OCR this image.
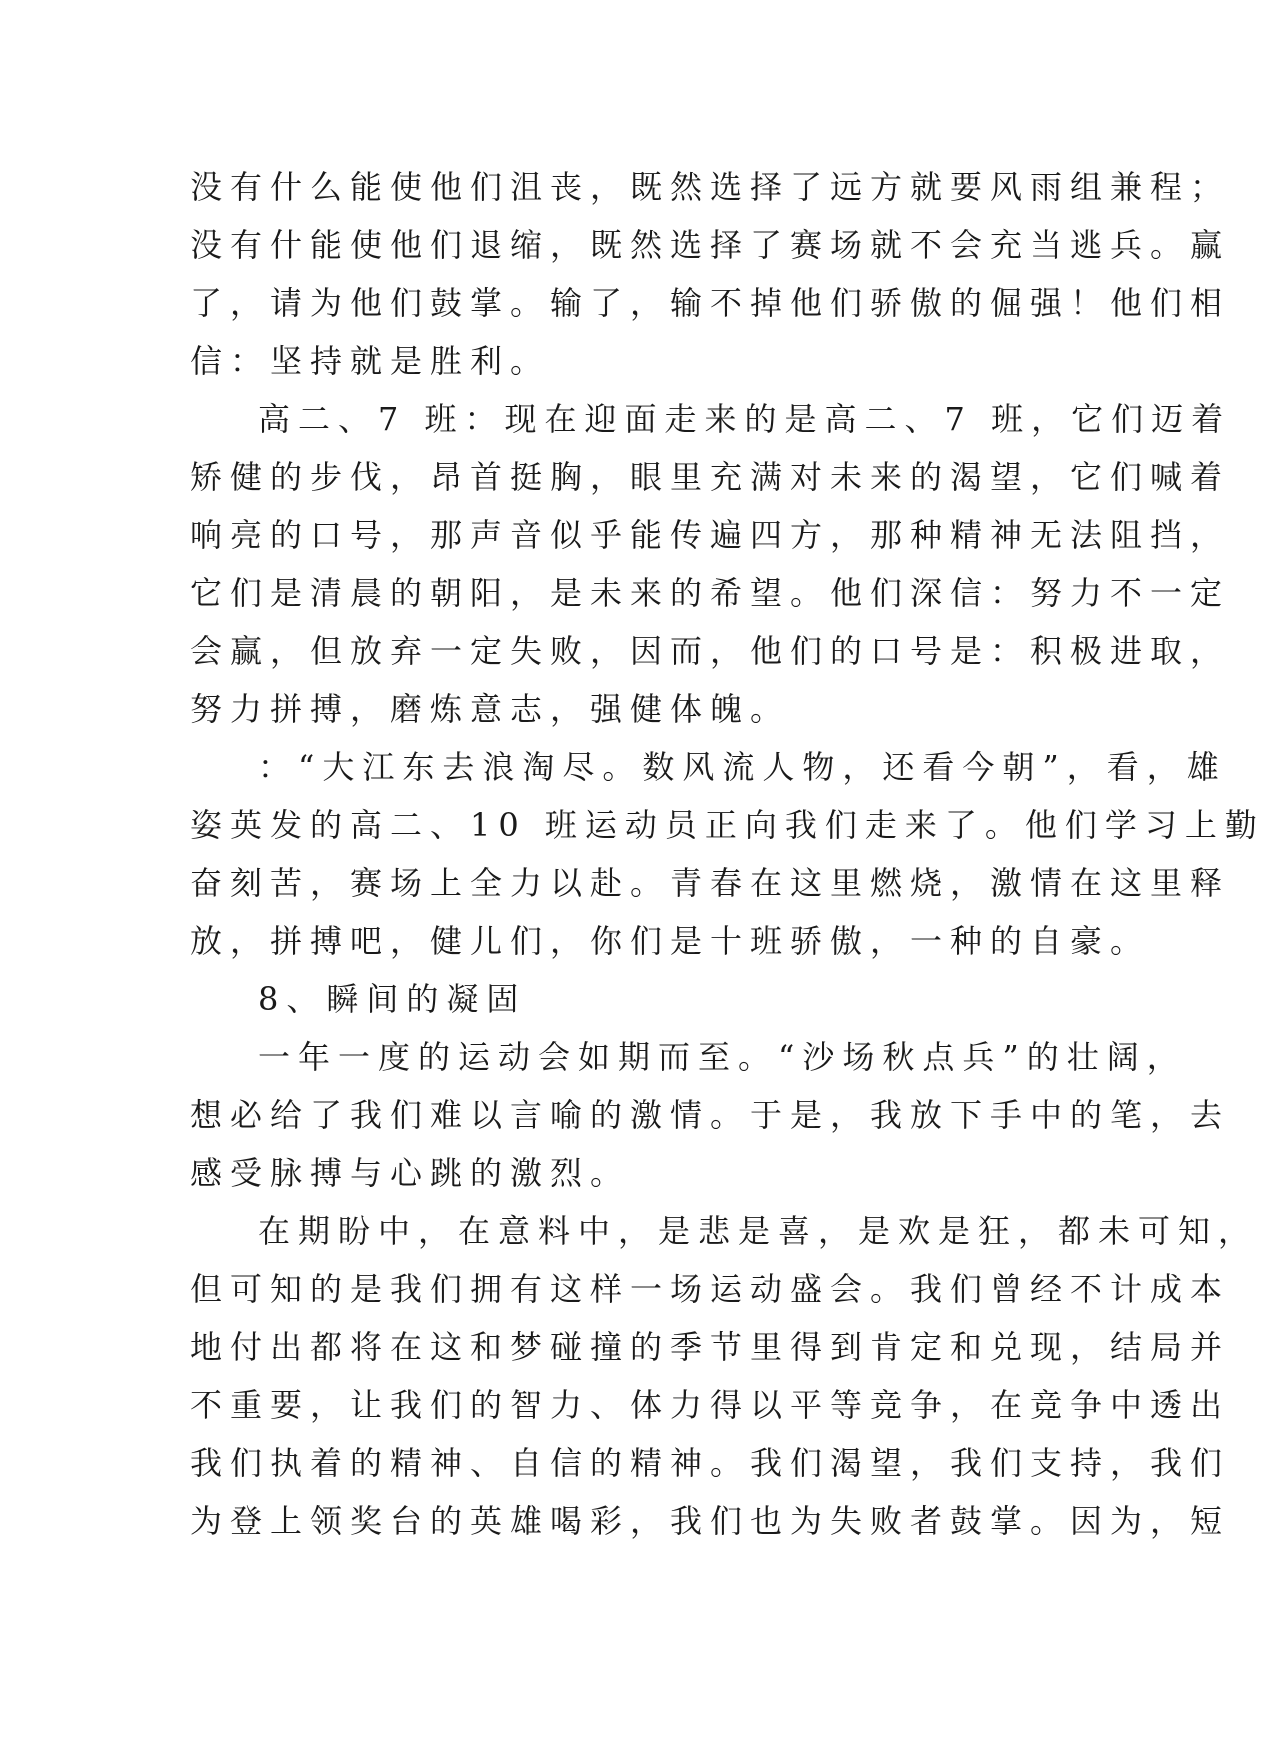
没有什么能使他们沮丧，既然选择了远方就要风雨组兼程；
没有什能使他们退缩，既然选择了赛场就不会充当逃兵。赢
了，请为他们鼓掌。输了，输不掉他们骄傲的倔强！他们相
信：坚持就是胜利。
高二、7 班：现在迎面走来的是高二、7 班，它们迈着
矫健的步伐，昂首挺胸，眼里充满对未来的渴望，它们喊着
响亮的口号，那声音似乎能传遍四方，那种精神无法阻挡，
它们是清晨的朝阳，是未来的希望。他们深信：努力不一定
会赢，但放弃一定失败，因而，他们的口号是：积极进取，
努力拼搏，磨炼意志，强健体魄。
：“大江东去浪淘尽。数风流人物，还看今朝”，看，雄
姿英发的高二、10 班运动员正向我们走来了。他们学习上勤
奋刻苦，赛场上全力以赴。青春在这里燃烧，激情在这里释
放，拼搏吧，健儿们，你们是十班骄傲，一种的自豪。
8、瞬间的凝固
一年一度的运动会如期而至。“沙场秋点兵”的壮阔，
想必给了我们难以言喻的激情。于是，我放下手中的笔，去
感受脉搏与心跳的激烈。
在期盼中，在意料中，是悲是喜，是欢是狂，都未可知，
但可知的是我们拥有这样一场运动盛会。我们曾经不计成本
地付出都将在这和梦碰撞的季节里得到肯定和兑现，结局并
不重要，让我们的智力、体力得以平等竞争，在竞争中透出
我们执着的精神、自信的精神。我们渴望，我们支持，我们
为登上领奖台的英雄喝彩，我们也为失败者鼓掌。因为，短
